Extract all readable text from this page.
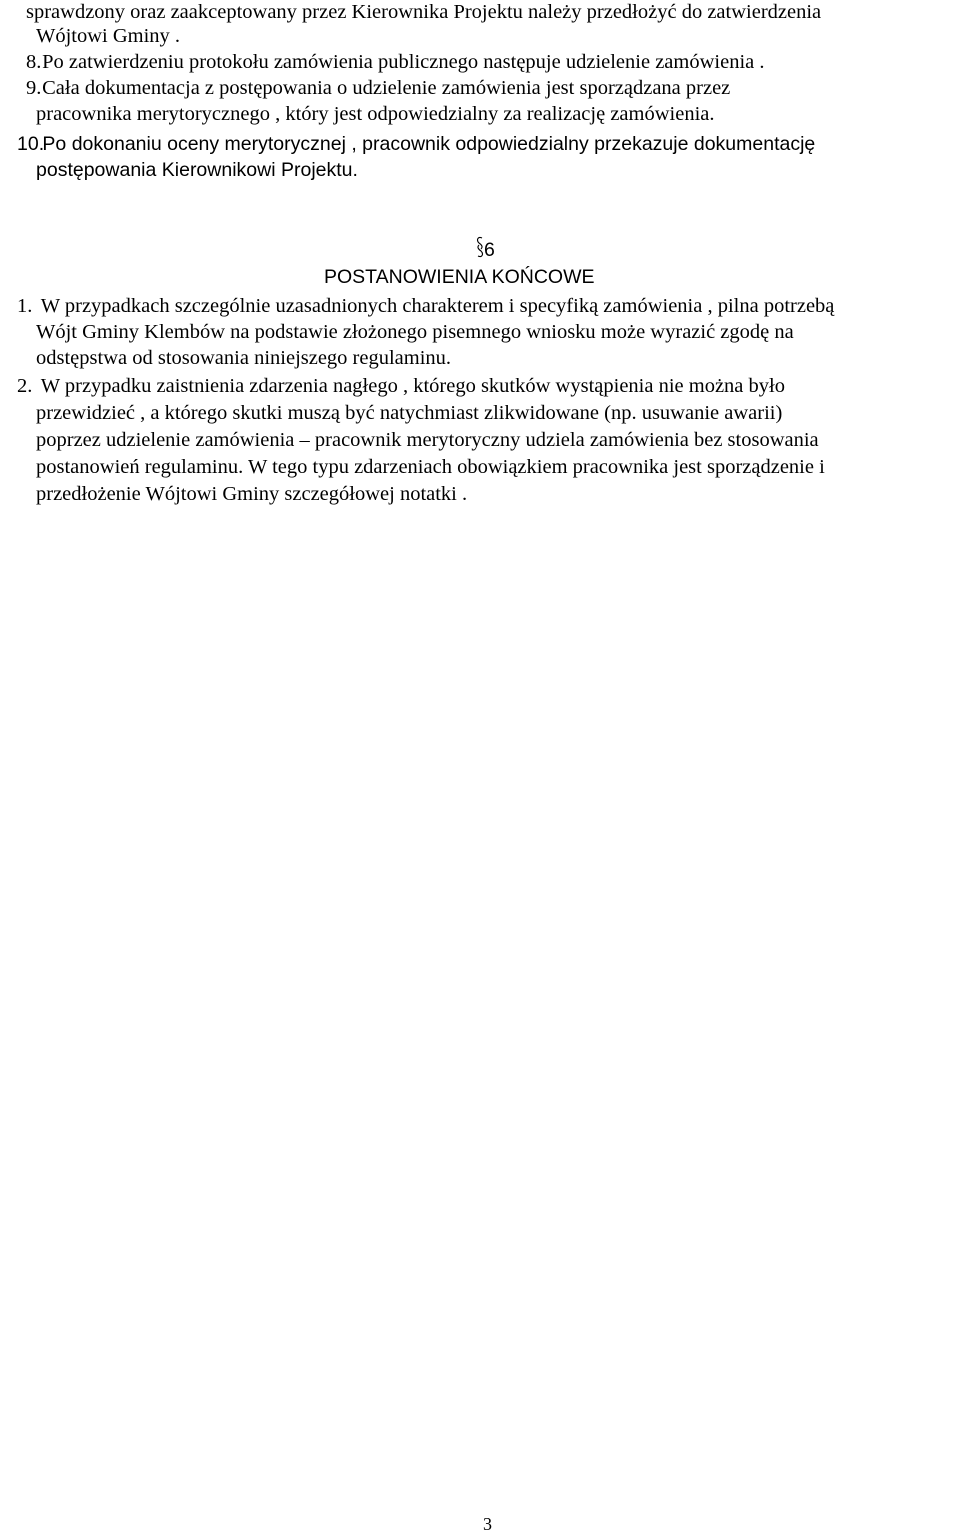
sprawdzony oraz zaakceptowany przez Kierownika Projektu należy przedłożyć do zatwierdzenia
Wójtowi Gminy .
8. Po zatwierdzeniu protokołu zamówienia publicznego następuje udzielenie zamówienia .
9. Cała dokumentacja z postępowania o udzielenie zamówienia jest sporządzana przez
pracownika merytorycznego , który jest odpowiedzialny za realizację zamówienia.
10. Po dokonaniu oceny merytorycznej , pracownik odpowiedzialny przekazuje dokumentację
postępowania Kierownikowi Projektu.
6
POSTANOWIENIA KOŃCOWE
1. W przypadkach szczególnie uzasadnionych charakterem i specyfiką zamówienia , pilna potrzebą
Wójt Gminy Klembów na podstawie złożonego pisemnego wniosku może wyrazić zgodę na
odstępstwa od stosowania niniejszego regulaminu.
2. W przypadku zaistnienia zdarzenia nagłego , którego skutków wystąpienia nie można było
przewidzieć , a którego skutki muszą być natychmiast zlikwidowane (np. usuwanie awarii)
poprzez udzielenie zamówienia – pracownik merytoryczny udziela zamówienia bez stosowania
postanowień regulaminu. W tego typu zdarzeniach obowiązkiem pracownika jest sporządzenie i
przedłożenie Wójtowi Gminy szczegółowej notatki .
3
